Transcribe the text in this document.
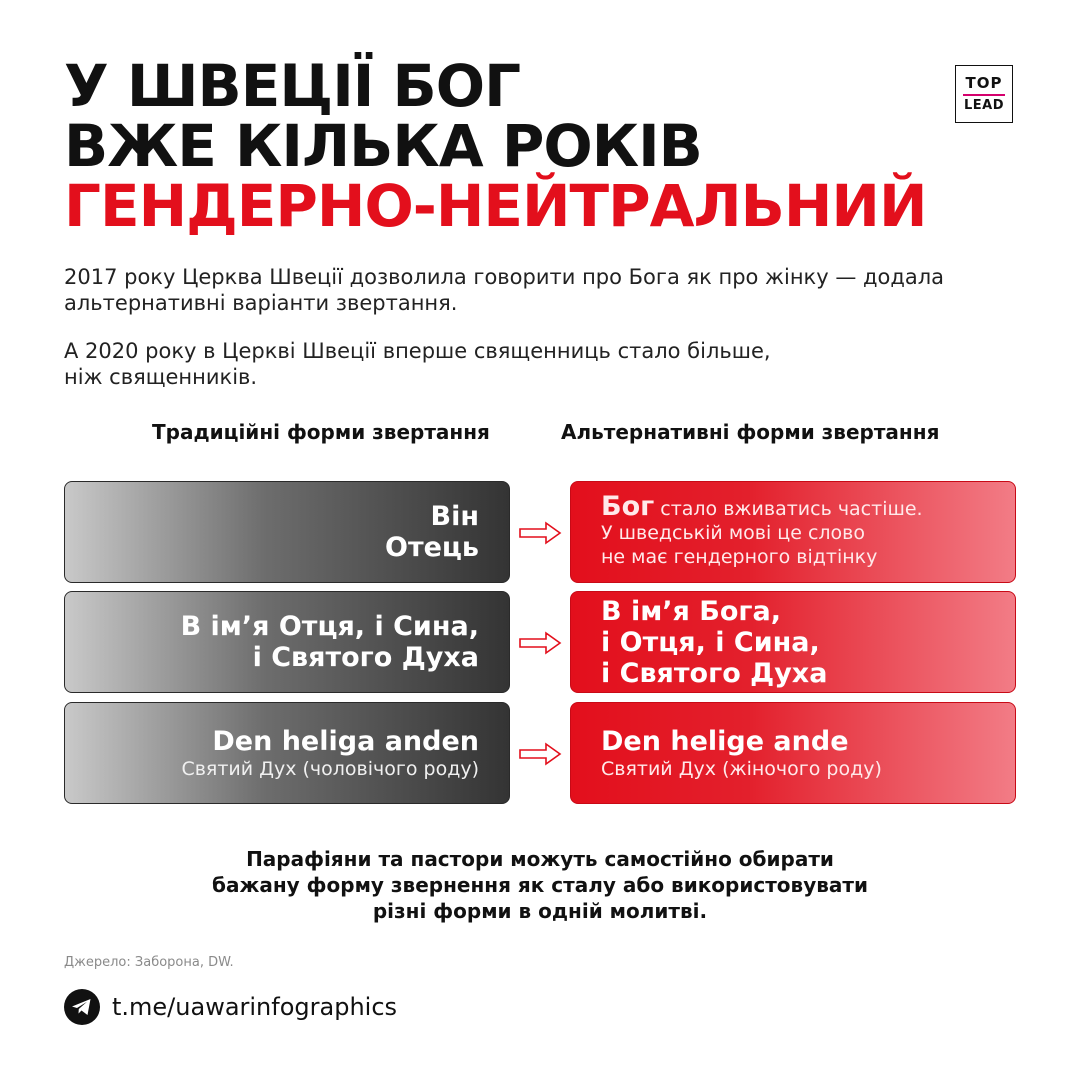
У ШВЕЦІЇ БОГ
ВЖЕ КІЛЬКА РОКІВ
ГЕНДЕРНО-НЕЙТРАЛЬНИЙ
TOP
LEAD

2017 року Церква Швеції дозволила говорити про Бога як про жінку — додала альтернативні варіанти звертання.

А 2020 року в Церкві Швеції вперше священниць стало більше,
ніж священників.

Традиційні форми звертання	Альтернативні форми звертання
Він
Отець
Бог стало вживатись частіше.
У шведській мові це слово
не має гендерного відтінку
В ім’я Отця, і Сина,
і Святого Духа
В ім’я Бога,
і Отця, і Сина,
і Святого Духа
Den heliga anden
Святий Дух (чоловічого роду)
Den helige ande
Святий Дух (жіночого роду)

Парафіяни та пастори можуть самостійно обирати
бажану форму звернення як сталу або використовувати
різні форми в одній молитві.

Джерело: Заборона, DW.

t.me/uawarinfographics
